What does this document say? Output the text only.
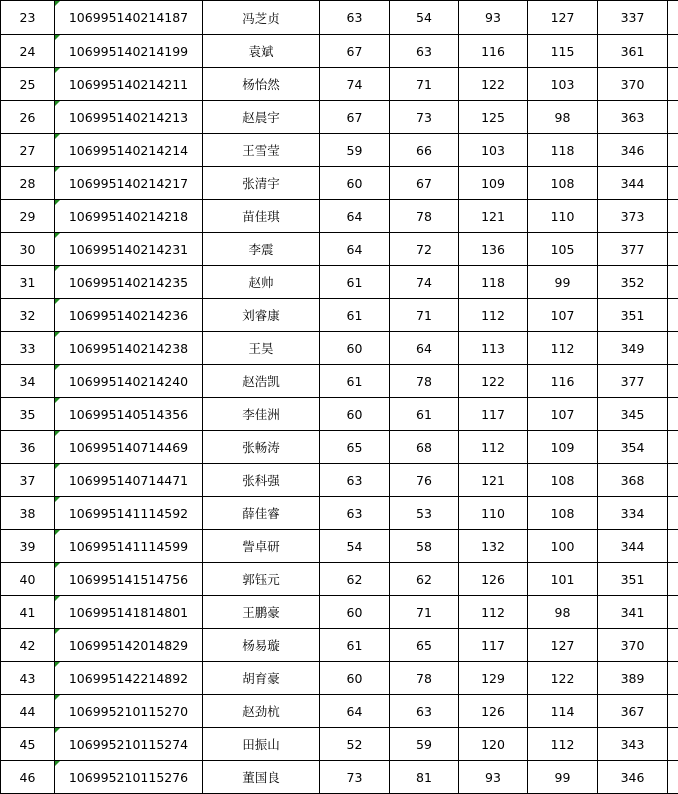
23	106995140214187	冯芝贞	63	54	93	127	337	
24	106995140214199	袁斌	67	63	116	115	361	
25	106995140214211	杨怡然	74	71	122	103	370	
26	106995140214213	赵晨宇	67	73	125	98	363	
27	106995140214214	王雪莹	59	66	103	118	346	
28	106995140214217	张清宇	60	67	109	108	344	
29	106995140214218	苗佳琪	64	78	121	110	373	
30	106995140214231	李震	64	72	136	105	377	
31	106995140214235	赵帅	61	74	118	99	352	
32	106995140214236	刘睿康	61	71	112	107	351	
33	106995140214238	王昊	60	64	113	112	349	
34	106995140214240	赵浩凯	61	78	122	116	377	
35	106995140514356	李佳洲	60	61	117	107	345	
36	106995140714469	张畅涛	65	68	112	109	354	
37	106995140714471	张科强	63	76	121	108	368	
38	106995141114592	薛佳睿	63	53	110	108	334	
39	106995141114599	訾卓研	54	58	132	100	344	
40	106995141514756	郭钰元	62	62	126	101	351	
41	106995141814801	王鹏豪	60	71	112	98	341	
42	106995142014829	杨易璇	61	65	117	127	370	
43	106995142214892	胡育豪	60	78	129	122	389	
44	106995210115270	赵劲杭	64	63	126	114	367	
45	106995210115274	田振山	52	59	120	112	343	
46	106995210115276	董国良	73	81	93	99	346	
